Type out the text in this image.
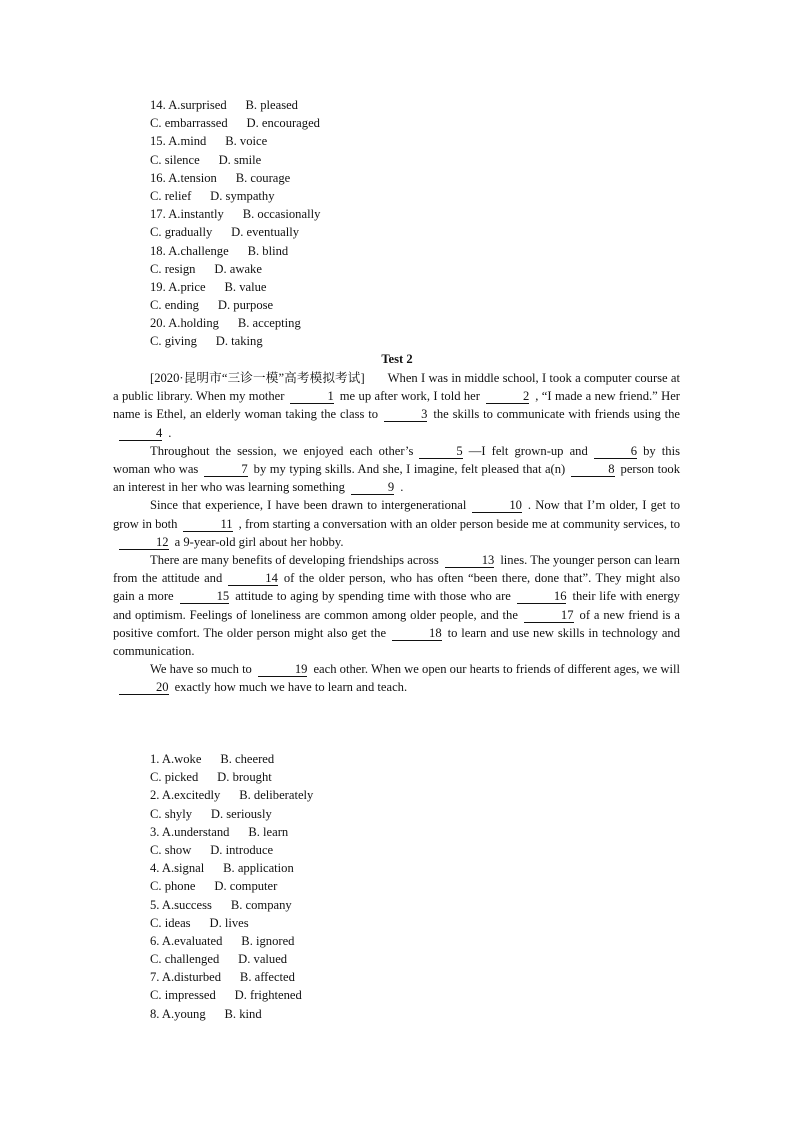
14. A.surprised B. pleased
C. embarrassed D. encouraged
15. A.mind B. voice
C. silence D. smile
16. A.tension B. courage
C. relief D. sympathy
17. A.instantly B. occasionally
C. gradually D. eventually
18. A.challenge B. blind
C. resign D. awake
19. A.price B. value
C. ending D. purpose
20. A.holding B. accepting
C. giving D. taking
Test 2

[2020·昆明市“三诊一模”高考模拟考试] When I was in middle school, I took a computer course at a public library. When my mother	1 me up after work, I told her	2 , “I made a new friend.” Her name is Ethel, an elderly woman taking the class to	3 the skills to communicate with friends using the4 .

Throughout the session, we enjoyed each other’s	5 —I felt grown-up and	6 by this woman who was	7 by my typing skills. And she, I imagine, felt pleased that a(n)	8 person took an interest in her who was learning something	9 .

Since that experience, I have been drawn to intergenerational	10 . Now that I’m older, I get to grow in both	11 , from starting a conversation with an older person beside me at community services, to12 a 9-year-old girl about her hobby.

There are many benefits of developing friendships across	13 lines. The younger person can learn from the attitude and	14 of the older person, who has often “been there, done that”. They might also gain a more	15 attitude to aging by spending time with those who are	16 their life with energy and optimism. Feelings of loneliness are common among older people, and the	17 of a new friend is a positive comfort. The older person might also get the	18 to learn and use new skills in technology and communication.

We have so much to	19 each other. When we open our hearts to friends of different ages, we will20 exactly how much we have to learn and teach.

1. A.woke B. cheered
C. picked D. brought
2. A.excitedly B. deliberately
C. shyly D. seriously
3. A.understand B. learn
C. show D. introduce
4. A.signal B. application
C. phone D. computer
5. A.success B. company
C. ideas D. lives
6. A.evaluated B. ignored
C. challenged D. valued
7. A.disturbed B. affected
C. impressed D. frightened
8. A.young B. kind
